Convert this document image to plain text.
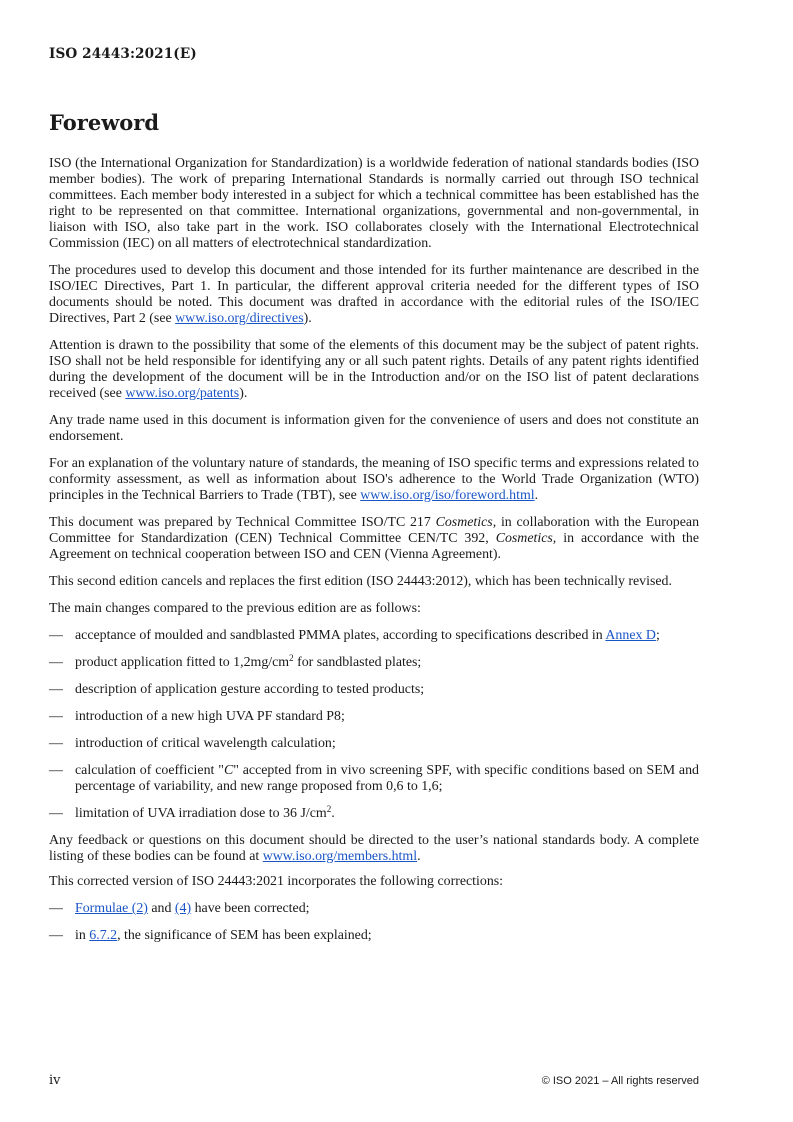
ISO 24443:2021(E)
Foreword

ISO (the International Organization for Standardization) is a worldwide federation of national standards bodies (ISO member bodies). The work of preparing International Standards is normally carried out through ISO technical committees. Each member body interested in a subject for which a technical committee has been established has the right to be represented on that committee. International organizations, governmental and non-governmental, in liaison with ISO, also take part in the work. ISO collaborates closely with the International Electrotechnical Commission (IEC) on all matters of electrotechnical standardization.

The procedures used to develop this document and those intended for its further maintenance are described in the ISO/IEC Directives, Part 1. In particular, the different approval criteria needed for the different types of ISO documents should be noted. This document was drafted in accordance with the editorial rules of the ISO/IEC Directives, Part 2 (see www.iso.org/directives).

Attention is drawn to the possibility that some of the elements of this document may be the subject of patent rights. ISO shall not be held responsible for identifying any or all such patent rights. Details of any patent rights identified during the development of the document will be in the Introduction and/or on the ISO list of patent declarations received (see www.iso.org/patents).

Any trade name used in this document is information given for the convenience of users and does not constitute an endorsement.

For an explanation of the voluntary nature of standards, the meaning of ISO specific terms and expressions related to conformity assessment, as well as information about ISO's adherence to the World Trade Organization (WTO) principles in the Technical Barriers to Trade (TBT), see www.iso.org/iso/foreword.html.

This document was prepared by Technical Committee ISO/TC 217 Cosmetics, in collaboration with the European Committee for Standardization (CEN) Technical Committee CEN/TC 392, Cosmetics, in accordance with the Agreement on technical cooperation between ISO and CEN (Vienna Agreement).

This second edition cancels and replaces the first edition (ISO 24443:2012), which has been technically revised.

The main changes compared to the previous edition are as follows:

— acceptance of moulded and sandblasted PMMA plates, according to specifications described in Annex D;
— product application fitted to $1,2mg/cm^2$ for sandblasted plates;
— description of application gesture according to tested products;
— introduction of a new high UVA PF standard P8;
— introduction of critical wavelength calculation;
— calculation of coefficient "C" accepted from in vivo screening SPF, with specific conditions based on SEM and percentage of variability, and new range proposed from 0,6 to 1,6;
— limitation of UVA irradiation dose to 36 $J/cm^2$.

Any feedback or questions on this document should be directed to the user’s national standards body. A complete listing of these bodies can be found at www.iso.org/members.html.

This corrected version of ISO 24443:2021 incorporates the following corrections:

— Formulae (2) and (4) have been corrected;
— in 6.7.2, the significance of SEM has been explained;
iv	© ISO 2021 – All rights reserved
